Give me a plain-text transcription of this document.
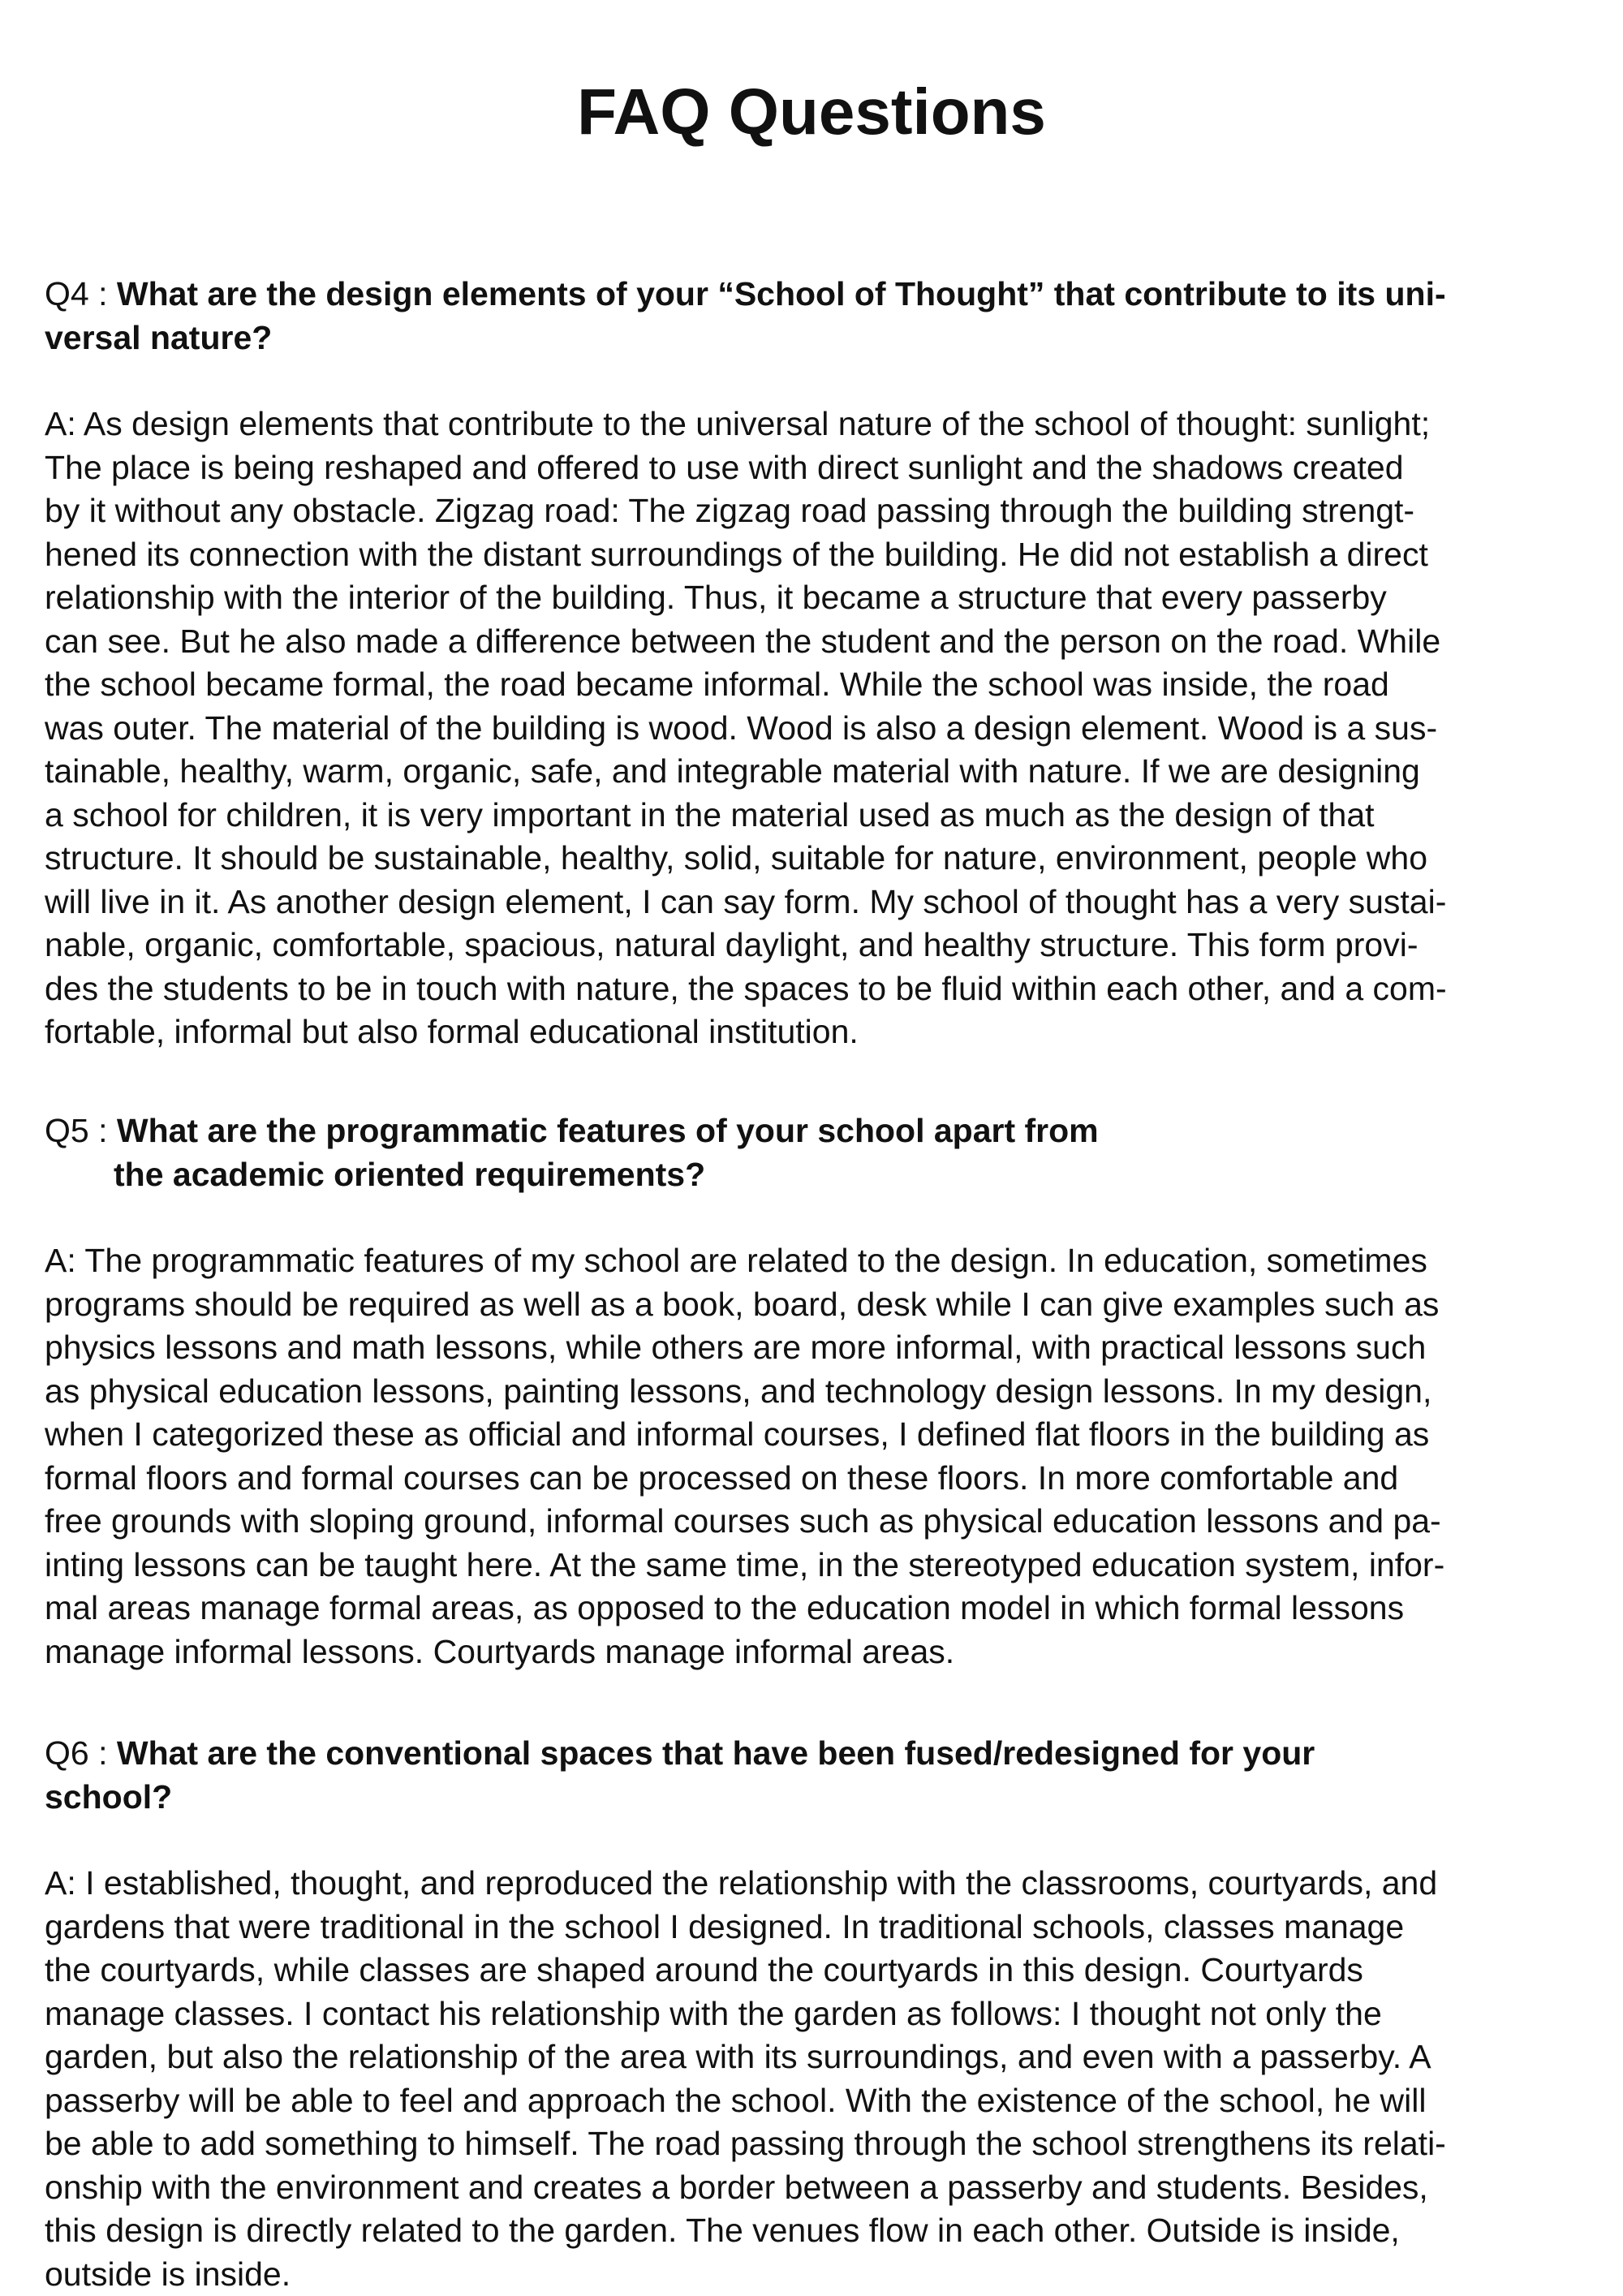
FAQ Questions

Q4 : What are the design elements of your “School of Thought” that contribute to its uni-
versal nature?

A: As design elements that contribute to the universal nature of the school of thought: sunlight;
The place is being reshaped and offered to use with direct sunlight and the shadows created
by it without any obstacle. Zigzag road: The zigzag road passing through the building strengt-
hened its connection with the distant surroundings of the building. He did not establish a direct
relationship with the interior of the building. Thus, it became a structure that every passerby
can see. But he also made a difference between the student and the person on the road. While
the school became formal, the road became informal. While the school was inside, the road
was outer. The material of the building is wood. Wood is also a design element. Wood is a sus-
tainable, healthy, warm, organic, safe, and integrable material with nature. If we are designing
a school for children, it is very important in the material used as much as the design of that
structure. It should be sustainable, healthy, solid, suitable for nature, environment, people who
will live in it. As another design element, I can say form. My school of thought has a very sustai-
nable, organic, comfortable, spacious, natural daylight, and healthy structure. This form provi-
des the students to be in touch with nature, the spaces to be fluid within each other, and a com-
fortable, informal but also formal educational institution.

Q5 : What are the programmatic features of your school apart from
the academic oriented requirements?

A: The programmatic features of my school are related to the design. In education, sometimes
programs should be required as well as a book, board, desk while I can give examples such as
physics lessons and math lessons, while others are more informal, with practical lessons such
as physical education lessons, painting lessons, and technology design lessons. In my design,
when I categorized these as official and informal courses, I defined flat floors in the building as
formal floors and formal courses can be processed on these floors. In more comfortable and
free grounds with sloping ground, informal courses such as physical education lessons and pa-
inting lessons can be taught here. At the same time, in the stereotyped education system, infor-
mal areas manage formal areas, as opposed to the education model in which formal lessons
manage informal lessons. Courtyards manage informal areas.

Q6 : What are the conventional spaces that have been fused/redesigned for your
school?

A: I established, thought, and reproduced the relationship with the classrooms, courtyards, and
gardens that were traditional in the school I designed. In traditional schools, classes manage
the courtyards, while classes are shaped around the courtyards in this design. Courtyards
manage classes. I contact his relationship with the garden as follows: I thought not only the
garden, but also the relationship of the area with its surroundings, and even with a passerby. A
passerby will be able to feel and approach the school. With the existence of the school, he will
be able to add something to himself. The road passing through the school strengthens its relati-
onship with the environment and creates a border between a passerby and students. Besides,
this design is directly related to the garden. The venues flow in each other. Outside is inside,
outside is inside.
